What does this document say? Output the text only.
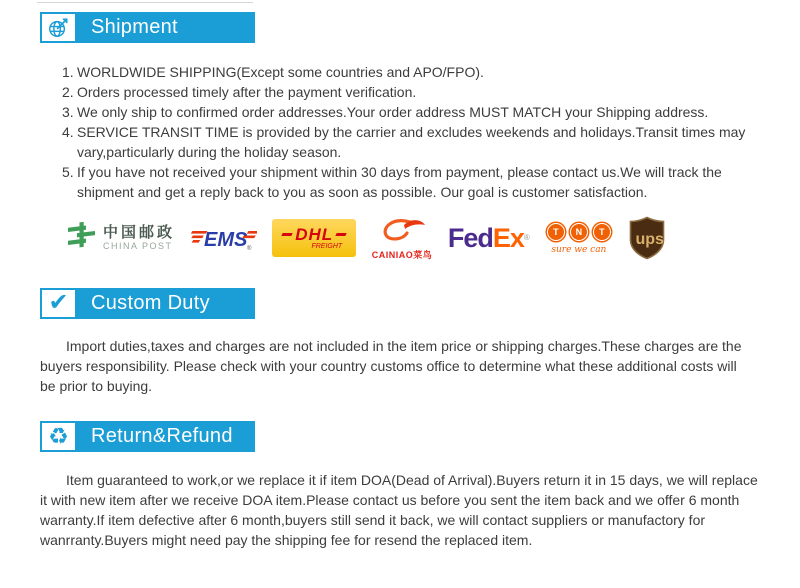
Shipment
1. WORLDWIDE SHIPPING(Except some countries and APO/FPO).
2. Orders processed timely after the payment verification.
3. We only ship to confirmed order addresses.Your order address MUST MATCH your Shipping address.
4. SERVICE TRANSIT TIME is provided by the carrier and excludes weekends and holidays.Transit times may
vary,particularly during the holiday season.
5. If you have not received your shipment within 30 days from payment, please contact us.We will track the
shipment and get a reply back to you as soon as possible. Our goal is customer satisfaction.
中国邮政
CHINA POST EMS ®
DHL
FREIGHT
CAINIAO菜鸟
Fed Ex ®
T	N	T
sure we can
ups
✔	Custom Duty
Import duties,taxes and charges are not included in the item price or shipping charges.These charges are the
buyers responsibility. Please check with your country customs office to determine what these additional costs will
be prior to buying.
♻	Return&Refund
Item guaranteed to work,or we replace it if item DOA(Dead of Arrival).Buyers return it in 15 days, we will replace
it with new item after we receive DOA item.Please contact us before you sent the item back and we offer 6 month
warranty.If item defective after 6 month,buyers still send it back, we will contact suppliers or manufactory for
wanrranty.Buyers might need pay the shipping fee for resend the replaced item.
